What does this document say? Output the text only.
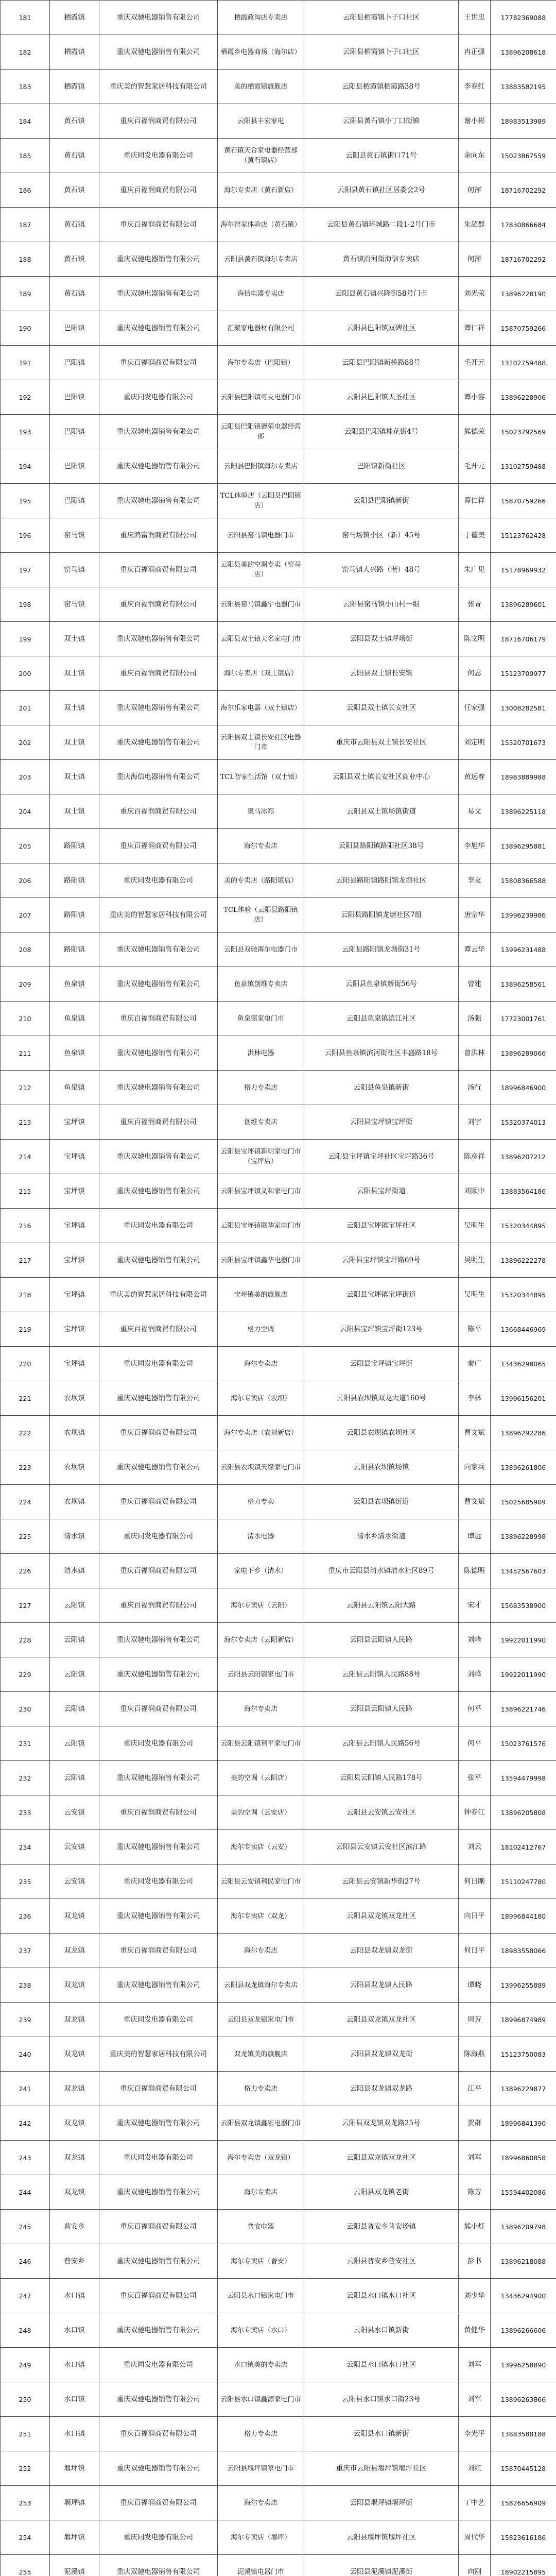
181	栖霞镇	重庆双驰电器销售有限公司	栖霞政沟店专卖店	云阳县栖霞镇卜子口社区	王世忠	17782369088
182	栖霞镇	重庆双驰电器销售有限公司	栖霞乡电器商场（海尔店）	云阳县栖霞镇卜子口社区	冉正强	13896208618
183	栖霞镇	重庆美的智慧家居科技有限公司	美的栖霞镇旗舰店	云阳县栖霞镇栖霞路38号	李春红	13883582195
184	黄石镇	重庆百福润商贸有限公司	云阳县丰宏家电	云阳县黄石镇小丁口街镇	谢小彬	18983513989
185	黄石镇	重庆同发电器有限公司	黄石镇天合家电器经营部（黄石镇店）	云阳县黄石镇街口71号	余向东	15023867559
186	黄石镇	重庆百福润商贸有限公司	海尔专卖店（黄石新店）	云阳县黄石镇社区居委会2号	何萍	18716702292
187	黄石镇	重庆百福润商贸有限公司	海尔智家体验店（黄石镇）	云阳县黄石镇环城路二段1-2号门市	朱超群	17830866684
188	黄石镇	重庆双驰电器销售有限公司	云阳县黄石镇海尔专卖店	黄石镇沿河街海信专卖店	何萍	18716702292
189	黄石镇	重庆双驰电器销售有限公司	海信电器专卖店	云阳县黄石镇兴隆街58号门市	刘光荣	13896228190
190	巴阳镇	重庆双驰电器销售有限公司	汇聚家电器材有限公司	云阳县巴阳镇双碑社区	谭仁祥	15870759266
191	巴阳镇	重庆百福润商贸有限公司	海尔专卖店（巴阳镇）	云阳县巴阳镇新桥路88号	毛开元	13102759488
192	巴阳镇	重庆同发电器有限公司	云阳县巴阳镇可友电器门市	云阳县巴阳镇天圣社区	谭小容	13896228906
193	巴阳镇	重庆双驰电器销售有限公司	云阳县巴阳镇德荣电器经营部	云阳县巴阳镇桂花街4号	熊德荣	15023792569
194	巴阳镇	重庆双驰电器销售有限公司	云阳县巴阳镇海尔专卖店	巴阳镇新街社区	毛开元	13102759488
195	巴阳镇	重庆双驰电器销售有限公司	TCL体验店（云阳县巴阳镇店）	云阳县巴阳镇新街	谭仁祥	15870759266
196	窑马镇	重庆鸿富润商贸有限公司	云阳县窑马镇电器门市	窑马场镇小区（新）45号	于德美	15123762428
197	窑马镇	重庆百福润商贸有限公司	云阳县美的空调专卖（窑马店）	窑马镇大兴路（老）48号	朱广见	15178969932
198	窑马镇	重庆百福润商贸有限公司	云阳县窑马镇鑫宇电器门市	云阳县窑马镇小山村一组	张青	13896289601
199	双土镇	重庆双驰电器销售有限公司	云阳县双土镇天名家电门市	云阳县双土镇坪场街	陈文明	18716706179
200	双土镇	重庆百福润商贸有限公司	海尔专卖店（双土镇店）	云阳县双土镇长安镇	何志	15123709977
201	双土镇	重庆双驰电器销售有限公司	海尔乐家电器（双土镇店）	云阳县双土镇长安社区	任家强	13008282581
202	双土镇	重庆双驰电器销售有限公司	云阳县双土镇长安社区电器门市	重庆市云阳县双土镇长安社区	刘定明	15320701673
203	双土镇	重庆海信电器销售有限公司	TCL智家生活馆（双土镇）	云阳县双土镇长安社区商业中心	黄远春	18983889988
204	双土镇	重庆百福润商贸有限公司	奥马冰箱	云阳县双土镇场镇街道	易文	13896225118
205	路阳镇	重庆百福润商贸有限公司	海尔专卖店	云阳县路阳镇路阳社区38号	李旭华	13896295881
206	路阳镇	重庆同发电器有限公司	美的专卖店（路阳镇店）	云阳县路阳镇路阳镇龙塘社区	李友	15808366588
207	路阳镇	重庆美的智慧家居科技有限公司	TCL体验（云阳县路阳镇店）	云阳县路阳镇龙塘社区7组	唐宗华	13996239986
208	路阳镇	重庆双驰电器销售有限公司	云阳县双驰海尔电器门市	云阳县路阳镇龙塘街31号	谭云华	13996231488
209	鱼泉镇	重庆双驰电器销售有限公司	鱼泉镇创维专卖店	云阳县鱼泉镇新街56号	曾建	13896258561
210	鱼泉镇	重庆百福润商贸有限公司	鱼泉镇家电门市	云阳县鱼泉镇滨江社区	汤强	17723001761
211	鱼泉镇	重庆双驰电器销售有限公司	洪林电器	云阳县鱼泉镇滨河街社区丰盛路18号	曾洪林	13896289066
212	鱼泉镇	重庆双驰电器销售有限公司	格力专卖店	云阳县鱼泉镇新街	汤行	18996846900
213	宝坪镇	重庆百福润商贸有限公司	创维专卖店	云阳县宝坪镇宝坪街	刘宇	15320374013
214	宝坪镇	重庆双驰电器销售有限公司	云阳县宝坪镇新明家电门市（宝坪店）	云阳县宝坪镇宝坪社区宝坪路36号	陈彦祥	13896207212
215	宝坪镇	重庆双驰电器销售有限公司	云阳县宝坪镇义和家电门市	云阳县宝坪街道	刘顺中	13883564186
216	宝坪镇	重庆同发电器有限公司	云阳县宝坪镇联华家电门市	云阳县宝坪镇宝坪社区	吴明生	15320344895
217	宝坪镇	重庆双驰电器销售有限公司	云阳县宝坪镇鑫华电器门市	云阳县宝坪镇宝坪路69号	吴明生	13896222278
218	宝坪镇	重庆美的智慧家居科技有限公司	宝坪镇美的旗舰店	云阳县宝坪镇宝坪街道	吴明生	15320344895
219	宝坪镇	重庆百福润商贸有限公司	格力空调	云阳县宝坪镇宝坪街123号	陈平	13668446969
220	宝坪镇	重庆同发电器有限公司	海尔专卖店	云阳县宝坪镇宝坪街	秦广	13436298065
221	农坝镇	重庆双驰电器销售有限公司	海尔专卖店（农坝）	云阳县农坝镇双龙大道160号	李林	13996156201
222	农坝镇	重庆百福润商贸有限公司	海尔专卖店（农坝新店）	云阳县农坝镇农坝社区	曹文斌	13896292286
223	农坝镇	重庆双驰电器销售有限公司	云阳县农坝镇天缘家电门市	云阳县农坝镇场镇	向家兵	13896261806
224	农坝镇	重庆百福润商贸有限公司	格力专卖	云阳县农坝镇街道	曹文斌	15025685909
225	清水镇	重庆同发电器有限公司	清水电器	清水乡清水街道	谭远	13896228998
226	清水镇	重庆百福润商贸有限公司	家电下乡（清水）	重庆市云阳县清水镇清水社区89号	陈德明	13452567603
227	云阳镇	重庆百福润商贸有限公司	海尔专卖店（云阳）	云阳县云阳镇云阳大路	宋才	15683538900
228	云阳镇	重庆双驰电器销售有限公司	海尔专卖店（云阳新店）	云阳县云阳镇人民路	刘峰	19922011990
229	云阳镇	重庆双驰电器销售有限公司	云阳县云阳镇家电门市	云阳县云阳镇人民路88号	刘峰	19922011990
230	云阳镇	重庆百福润商贸有限公司	海尔专卖店	云阳县云阳镇人民路	何平	13896221746
231	云阳镇	重庆同发电器有限公司	云阳县云阳镇利平家电门市	云阳县云阳镇人民路56号	何平	15023761576
232	云阳镇	重庆双驰电器销售有限公司	美的空调（云阳店）	云阳县云阳镇人民路178号	张平	13594479998
233	云安镇	重庆百福润商贸有限公司	美的空调（云安店）	云阳县云安镇云安社区	钟春江	13896205808
234	云安镇	重庆双驰电器销售有限公司	海尔专卖店（云安）	云阳县云安镇云安社区滨江路	刘云	18102412767
235	云安镇	重庆同发电器有限公司	云阳县云安镇利民家电门市	云阳县云安镇新华街27号	何日刚	15110247780
236	双龙镇	重庆双驰电器销售有限公司	海尔专卖店（双龙）	云阳县双龙镇双龙社区	向日平	18996844180
237	双龙镇	重庆百福润商贸有限公司	海尔专卖店	云阳县双龙镇双龙街	何日平	18983558066
238	双龙镇	重庆双驰电器销售有限公司	云阳县双龙镇海尔专卖店	云阳县双龙镇人民路	谭晓	13996255889
239	双龙镇	重庆同发电器有限公司	云阳县双龙镇家电门市	云阳县双龙镇双龙社区	周芳	18996874989
240	双龙镇	重庆美的智慧家居科技有限公司	双龙镇美的旗舰店	云阳县双龙镇双龙街	陈海燕	15123750083
241	双龙镇	重庆百福润商贸有限公司	格力专卖店	云阳县双龙镇双龙路	江平	13896229877
242	双龙镇	重庆双驰电器销售有限公司	云阳县双龙镇鑫宏电器门市	云阳县双龙镇双龙路25号	贺群	18996841390
243	双龙镇	重庆同发电器有限公司	海尔专卖店（双龙镇）	云阳县双龙镇双龙社区	刘军	18996860858
244	双龙镇	重庆双驰电器销售有限公司	海尔专卖店	云阳县双龙镇老街	陈芳	15594402086
245	普安乡	重庆百福润商贸有限公司	普安电器	云阳县普安乡普安场镇	熊小灯	13896209798
246	普安乡	重庆双驰电器销售有限公司	海尔专卖店（普安）	云阳县普安乡普安社区	彭书	13896218088
247	水口镇	重庆百福润商贸有限公司	云阳县水口镇家电门市	云阳县水口镇水口社区	刘少华	13436294900
248	水口镇	重庆双驰电器销售有限公司	海尔专卖店（水口）	云阳县水口镇新街	黄健华	13896266606
249	水口镇	重庆同发电器有限公司	水口镇美的专卖店	云阳县水口镇水口社区	刘军	13996258890
250	水口镇	重庆双驰电器销售有限公司	云阳县水口镇鑫源家电门市	云阳县水口镇水口街23号	刘军	13896263866
251	水口镇	重庆百福润商贸有限公司	格力专卖店	云阳县水口镇新街	李光平	13883588188
252	堰坪镇	重庆双驰电器销售有限公司	云阳县堰坪镇家电门市	重庆市云阳县堰坪镇堰坪社区	刘红	15870445128
253	堰坪镇	重庆百福润商贸有限公司	海尔专卖店	云阳县堰坪镇堰坪街	丁中艺	15826656909
254	堰坪镇	重庆同发电器有限公司	海尔专卖店（堰坪）	云阳县堰坪镇堰坪社区	周代华	15823616186
255	泥溪镇	重庆双驰电器销售有限公司	泥溪镇电器门市	云阳县泥溪镇泥溪街	向刚	18902215895
